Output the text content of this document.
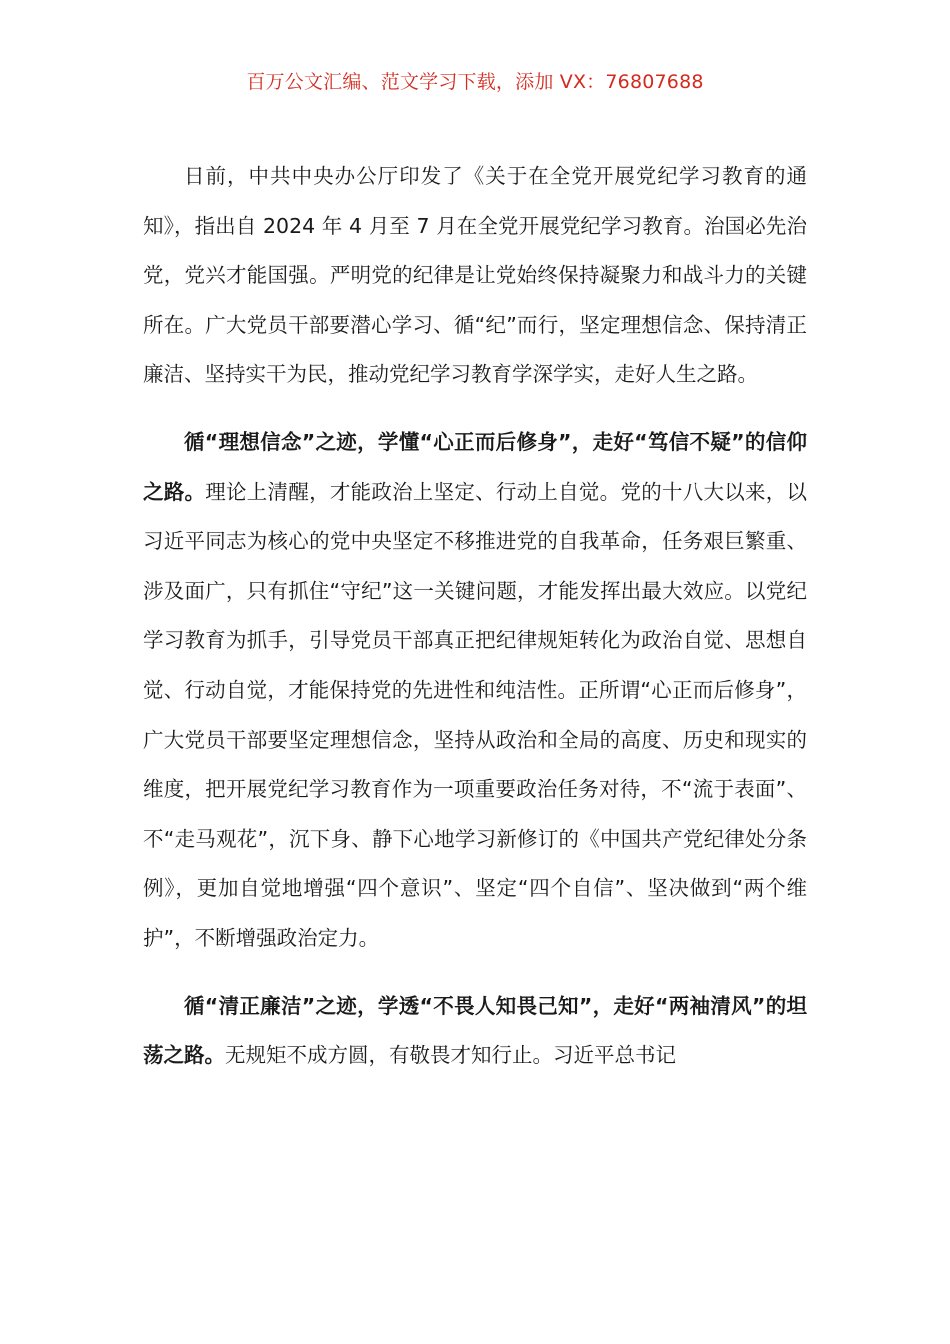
百万公文汇编、范文学习下载，添加 VX：76807688

日前，中共中央办公厅印发了《关于在全党开展党纪学习教育的通知》，指出自 2024 年 4 月至 7 月在全党开展党纪学习教育。治国必先治党，党兴才能国强。严明党的纪律是让党始终保持凝聚力和战斗力的关键所在。广大党员干部要潜心学习、循“纪”而行，坚定理想信念、保持清正廉洁、坚持实干为民，推动党纪学习教育学深学实，走好人生之路。

循“理想信念”之迹，学懂“心正而后修身”，走好“笃信不疑”的信仰之路。理论上清醒，才能政治上坚定、行动上自觉。党的十八大以来，以习近平同志为核心的党中央坚定不移推进党的自我革命，任务艰巨繁重、涉及面广，只有抓住“守纪”这一关键问题，才能发挥出最大效应。以党纪学习教育为抓手，引导党员干部真正把纪律规矩转化为政治自觉、思想自觉、行动自觉，才能保持党的先进性和纯洁性。正所谓“心正而后修身”，广大党员干部要坚定理想信念，坚持从政治和全局的高度、历史和现实的维度，把开展党纪学习教育作为一项重要政治任务对待，不“流于表面”、不“走马观花”，沉下身、静下心地学习新修订的《中国共产党纪律处分条例》，更加自觉地增强“四个意识”、坚定“四个自信”、坚决做到“两个维护”，不断增强政治定力。

循“清正廉洁”之迹，学透“不畏人知畏己知”，走好“两袖清风”的坦荡之路。无规矩不成方圆，有敬畏才知行止。习近平总书记
